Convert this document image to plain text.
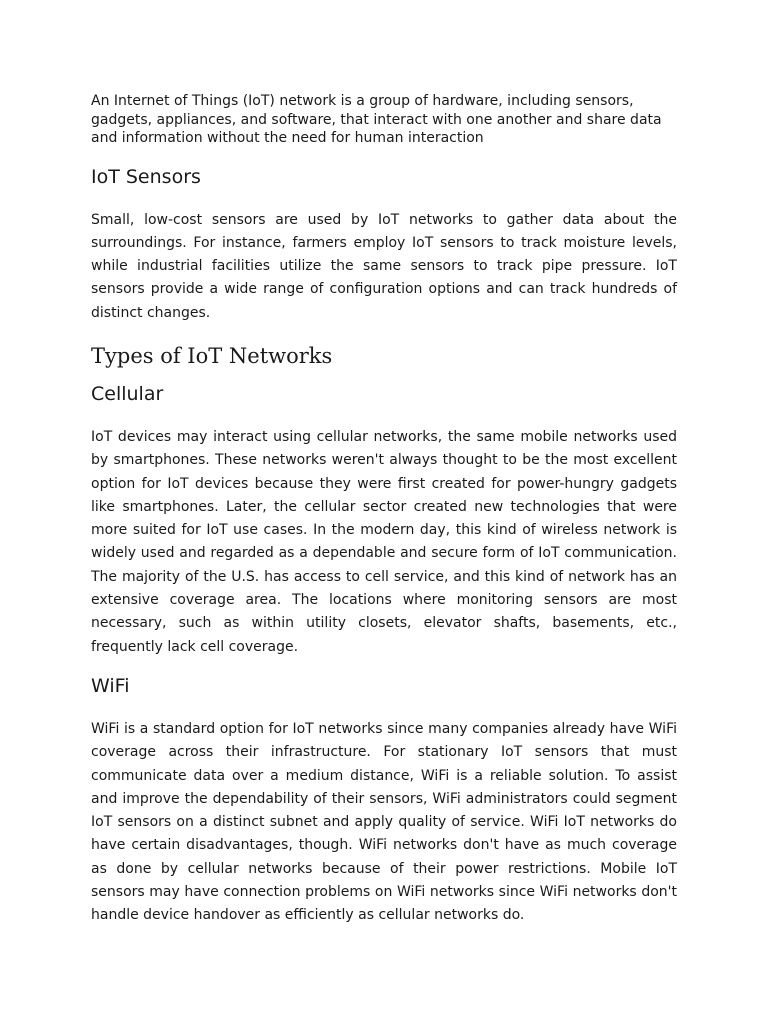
An Internet of Things (IoT) network is a group of hardware, including sensors, gadgets, appliances, and software, that interact with one another and share data and information without the need for human interaction

IoT Sensors

Small, low-cost sensors are used by IoT networks to gather data about the surroundings. For instance, farmers employ IoT sensors to track moisture levels, while industrial facilities utilize the same sensors to track pipe pressure. IoT sensors provide a wide range of configuration options and can track hundreds of distinct changes.

Types of IoT Networks
Cellular

IoT devices may interact using cellular networks, the same mobile networks used by smartphones. These networks weren't always thought to be the most excellent option for IoT devices because they were first created for power-hungry gadgets like smartphones. Later, the cellular sector created new technologies that were more suited for IoT use cases. In the modern day, this kind of wireless network is widely used and regarded as a dependable and secure form of IoT communication. The majority of the U.S. has access to cell service, and this kind of network has an extensive coverage area. The locations where monitoring sensors are most necessary, such as within utility closets, elevator shafts, basements, etc., frequently lack cell coverage.

WiFi

WiFi is a standard option for IoT networks since many companies already have WiFi coverage across their infrastructure. For stationary IoT sensors that must communicate data over a medium distance, WiFi is a reliable solution. To assist and improve the dependability of their sensors, WiFi administrators could segment IoT sensors on a distinct subnet and apply quality of service. WiFi IoT networks do have certain disadvantages, though. WiFi networks don't have as much coverage as done by cellular networks because of their power restrictions. Mobile IoT sensors may have connection problems on WiFi networks since WiFi networks don't handle device handover as efficiently as cellular networks do.
